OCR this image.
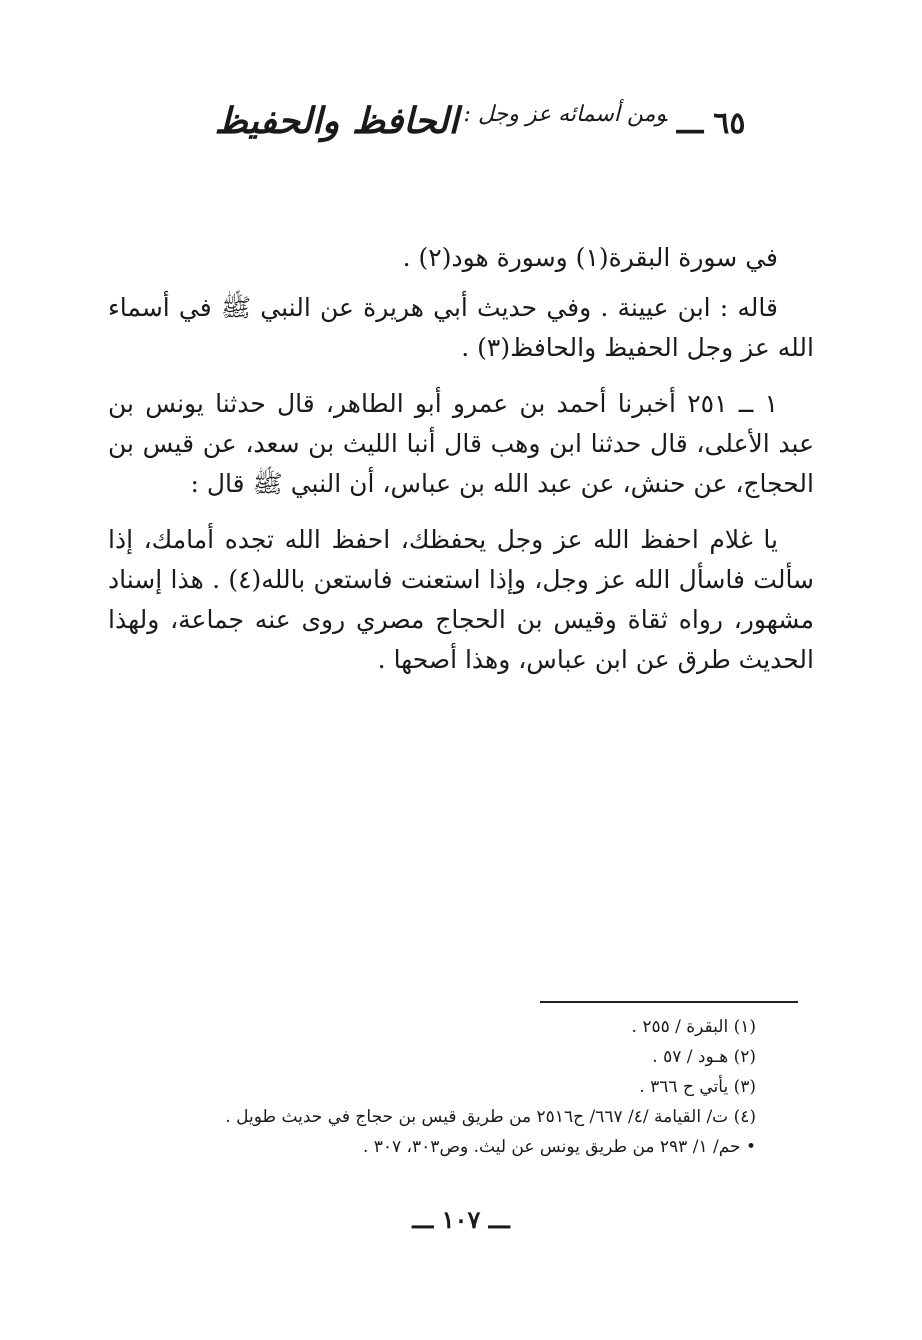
٦٥ـــومن أسمائه عز وجل : الحافظ والحفيظ

في سورة البقرة(١) وسورة هود(٢) .

قاله : ابن عيينة . وفي حديث أبي هريرة عن النبي ﷺ في أسماء الله عز وجل الحفيظ والحافظ(٣) .

١ ــ ٢٥١ أخبرنا أحمد بن عمرو أبو الطاهر، قال حدثنا يونس بن عبد الأعلى، قال حدثنا ابن وهب قال أنبا الليث بن سعد، عن قيس بن الحجاج، عن حنش، عن عبد الله بن عباس، أن النبي ﷺ قال :

يا غلام احفظ الله عز وجل يحفظك، احفظ الله تجده أمامك، إذا سألت فاسأل الله عز وجل، وإذا استعنت فاستعن بالله(٤) . هذا إسناد مشهور، رواه ثقاة وقيس بن الحجاج مصري روى عنه جماعة، ولهذا الحديث طرق عن ابن عباس، وهذا أصحها .

(١) البقرة / ٢٥٥ .

(٢) هـود / ٥٧ .

(٣) يأتي ح ٣٦٦ .

(٤) ت/ القيامة /٤/ ٦٦٧/ ح٢٥١٦ من طريق قيس بن حجاج في حديث طويل .

• حم/ ١/ ٢٩٣ من طريق يونس عن ليث. وص٣٠٣، ٣٠٧ .

ـــ ١٠٧ ـــ
